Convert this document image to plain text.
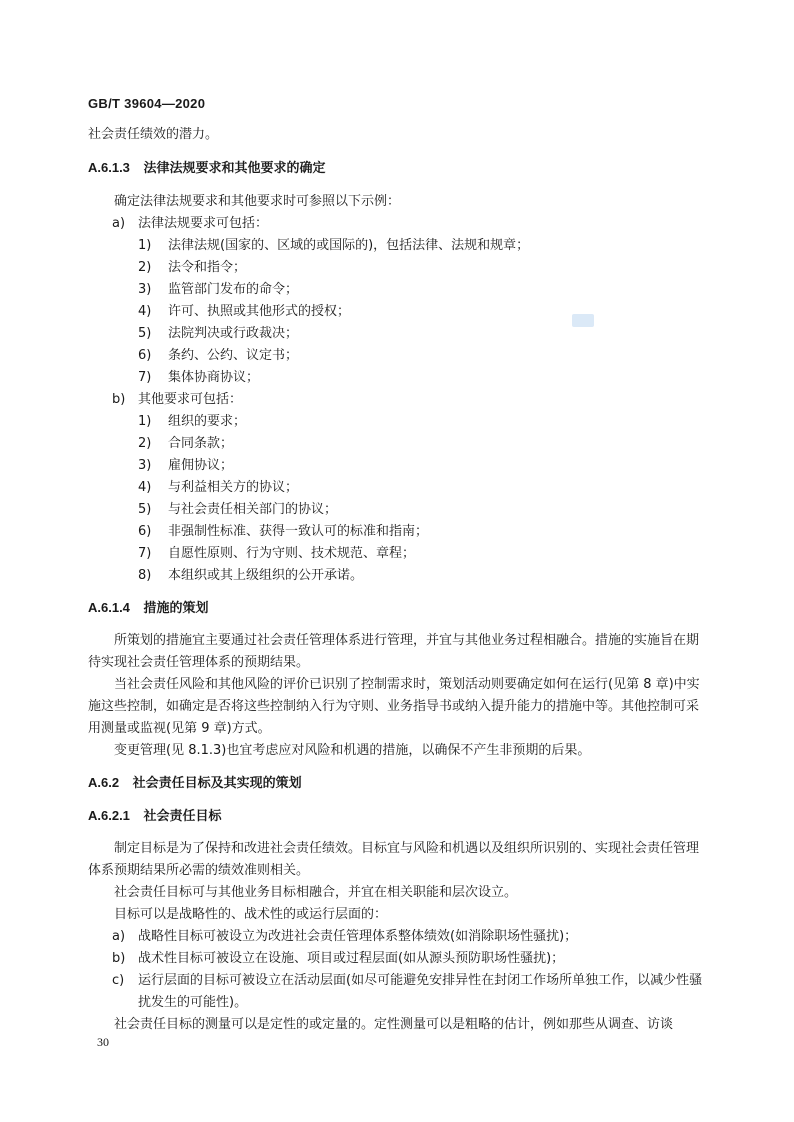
GB/T 39604—2020

社会责任绩效的潜力。

A.6.1.3 法律法规要求和其他要求的确定

确定法律法规要求和其他要求时可参照以下示例：

a) 法律法规要求可包括：
1)	法律法规(国家的、区域的或国际的)，包括法律、法规和规章；
2)	法令和指令；
3)	监管部门发布的命令；
4)	许可、执照或其他形式的授权；
5)	法院判决或行政裁决；
6)	条约、公约、议定书；
7)	集体协商协议；
b) 其他要求可包括：
1)	组织的要求；
2)	合同条款；
3)	雇佣协议；
4)	与利益相关方的协议；
5)	与社会责任相关部门的协议；
6)	非强制性标准、获得一致认可的标准和指南；
7)	自愿性原则、行为守则、技术规范、章程；
8)	本组织或其上级组织的公开承诺。

A.6.1.4 措施的策划

所策划的措施宜主要通过社会责任管理体系进行管理，并宜与其他业务过程相融合。措施的实施旨在期待实现社会责任管理体系的预期结果。

当社会责任风险和其他风险的评价已识别了控制需求时，策划活动则要确定如何在运行(见第 8 章)中实施这些控制，如确定是否将这些控制纳入行为守则、业务指导书或纳入提升能力的措施中等。其他控制可采用测量或监视(见第 9 章)方式。

变更管理(见 8.1.3)也宜考虑应对风险和机遇的措施，以确保不产生非预期的后果。

A.6.2 社会责任目标及其实现的策划

A.6.2.1 社会责任目标

制定目标是为了保持和改进社会责任绩效。目标宜与风险和机遇以及组织所识别的、实现社会责任管理体系预期结果所必需的绩效准则相关。

社会责任目标可与其他业务目标相融合，并宜在相关职能和层次设立。

目标可以是战略性的、战术性的或运行层面的：

a) 战略性目标可被设立为改进社会责任管理体系整体绩效(如消除职场性骚扰)；
b) 战术性目标可被设立在设施、项目或过程层面(如从源头预防职场性骚扰)；
c)	运行层面的目标可被设立在活动层面(如尽可能避免安排异性在封闭工作场所单独工作，以减少性骚扰发生的可能性)。

社会责任目标的测量可以是定性的或定量的。定性测量可以是粗略的估计，例如那些从调查、访谈

30
